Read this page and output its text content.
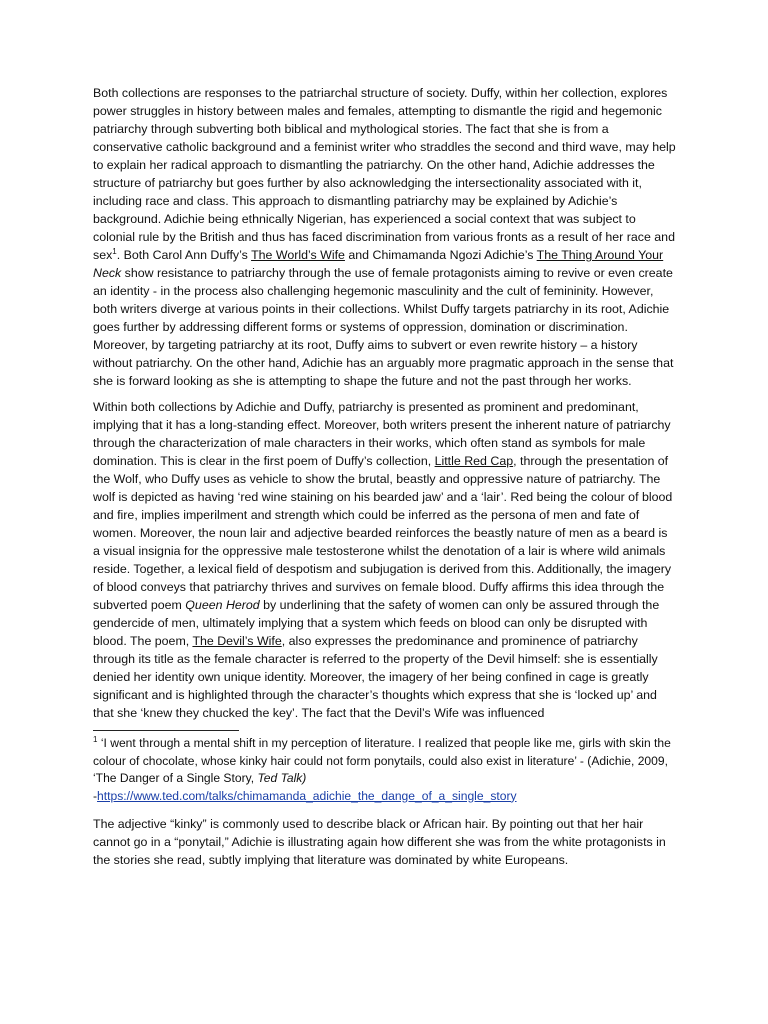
Both collections are responses to the patriarchal structure of society. Duffy, within her collection, explores power struggles in history between males and females, attempting to dismantle the rigid and hegemonic patriarchy through subverting both biblical and mythological stories. The fact that she is from a conservative catholic background and a feminist writer who straddles the second and third wave, may help to explain her radical approach to dismantling the patriarchy. On the other hand, Adichie addresses the structure of patriarchy but goes further by also acknowledging the intersectionality associated with it, including race and class. This approach to dismantling patriarchy may be explained by Adichie’s background. Adichie being ethnically Nigerian, has experienced a social context that was subject to colonial rule by the British and thus has faced discrimination from various fronts as a result of her race and sex$^1$. Both Carol Ann Duffy’s The World’s Wife and Chimamanda Ngozi Adichie’s The Thing Around Your Neck show resistance to patriarchy through the use of female protagonists aiming to revive or even create an identity - in the process also challenging hegemonic masculinity and the cult of femininity. However, both writers diverge at various points in their collections. Whilst Duffy targets patriarchy in its root, Adichie goes further by addressing different forms or systems of oppression, domination or discrimination. Moreover, by targeting patriarchy at its root, Duffy aims to subvert or even rewrite history – a history without patriarchy. On the other hand, Adichie has an arguably more pragmatic approach in the sense that she is forward looking as she is attempting to shape the future and not the past through her works.

Within both collections by Adichie and Duffy, patriarchy is presented as prominent and predominant, implying that it has a long-standing effect. Moreover, both writers present the inherent nature of patriarchy through the characterization of male characters in their works, which often stand as symbols for male domination. This is clear in the first poem of Duffy’s collection, Little Red Cap, through the presentation of the Wolf, who Duffy uses as vehicle to show the brutal, beastly and oppressive nature of patriarchy. The wolf is depicted as having ‘red wine staining on his bearded jaw’ and a ‘lair’. Red being the colour of blood and fire, implies imperilment and strength which could be inferred as the persona of men and fate of women. Moreover, the noun lair and adjective bearded reinforces the beastly nature of men as a beard is a visual insignia for the oppressive male testosterone whilst the denotation of a lair is where wild animals reside. Together, a lexical field of despotism and subjugation is derived from this. Additionally, the imagery of blood conveys that patriarchy thrives and survives on female blood. Duffy affirms this idea through the subverted poem Queen Herod by underlining that the safety of women can only be assured through the gendercide of men, ultimately implying that a system which feeds on blood can only be disrupted with blood. The poem, The Devil’s Wife, also expresses the predominance and prominence of patriarchy through its title as the female character is referred to the property of the Devil himself: she is essentially denied her identity own unique identity. Moreover, the imagery of her being confined in cage is greatly significant and is highlighted through the character’s thoughts which express that she is ‘locked up’ and that she ‘knew they chucked the key’. The fact that the Devil’s Wife was influenced

$^1$ ‘I went through a mental shift in my perception of literature. I realized that people like me, girls with skin the colour of chocolate, whose kinky hair could not form ponytails, could also exist in literature’ - (Adichie, 2009, ‘The Danger of a Single Story, Ted Talk)
-https://www.ted.com/talks/chimamanda_adichie_the_dange_of_a_single_story

The adjective “kinky” is commonly used to describe black or African hair. By pointing out that her hair cannot go in a “ponytail,” Adichie is illustrating again how different she was from the white protagonists in the stories she read, subtly implying that literature was dominated by white Europeans.
